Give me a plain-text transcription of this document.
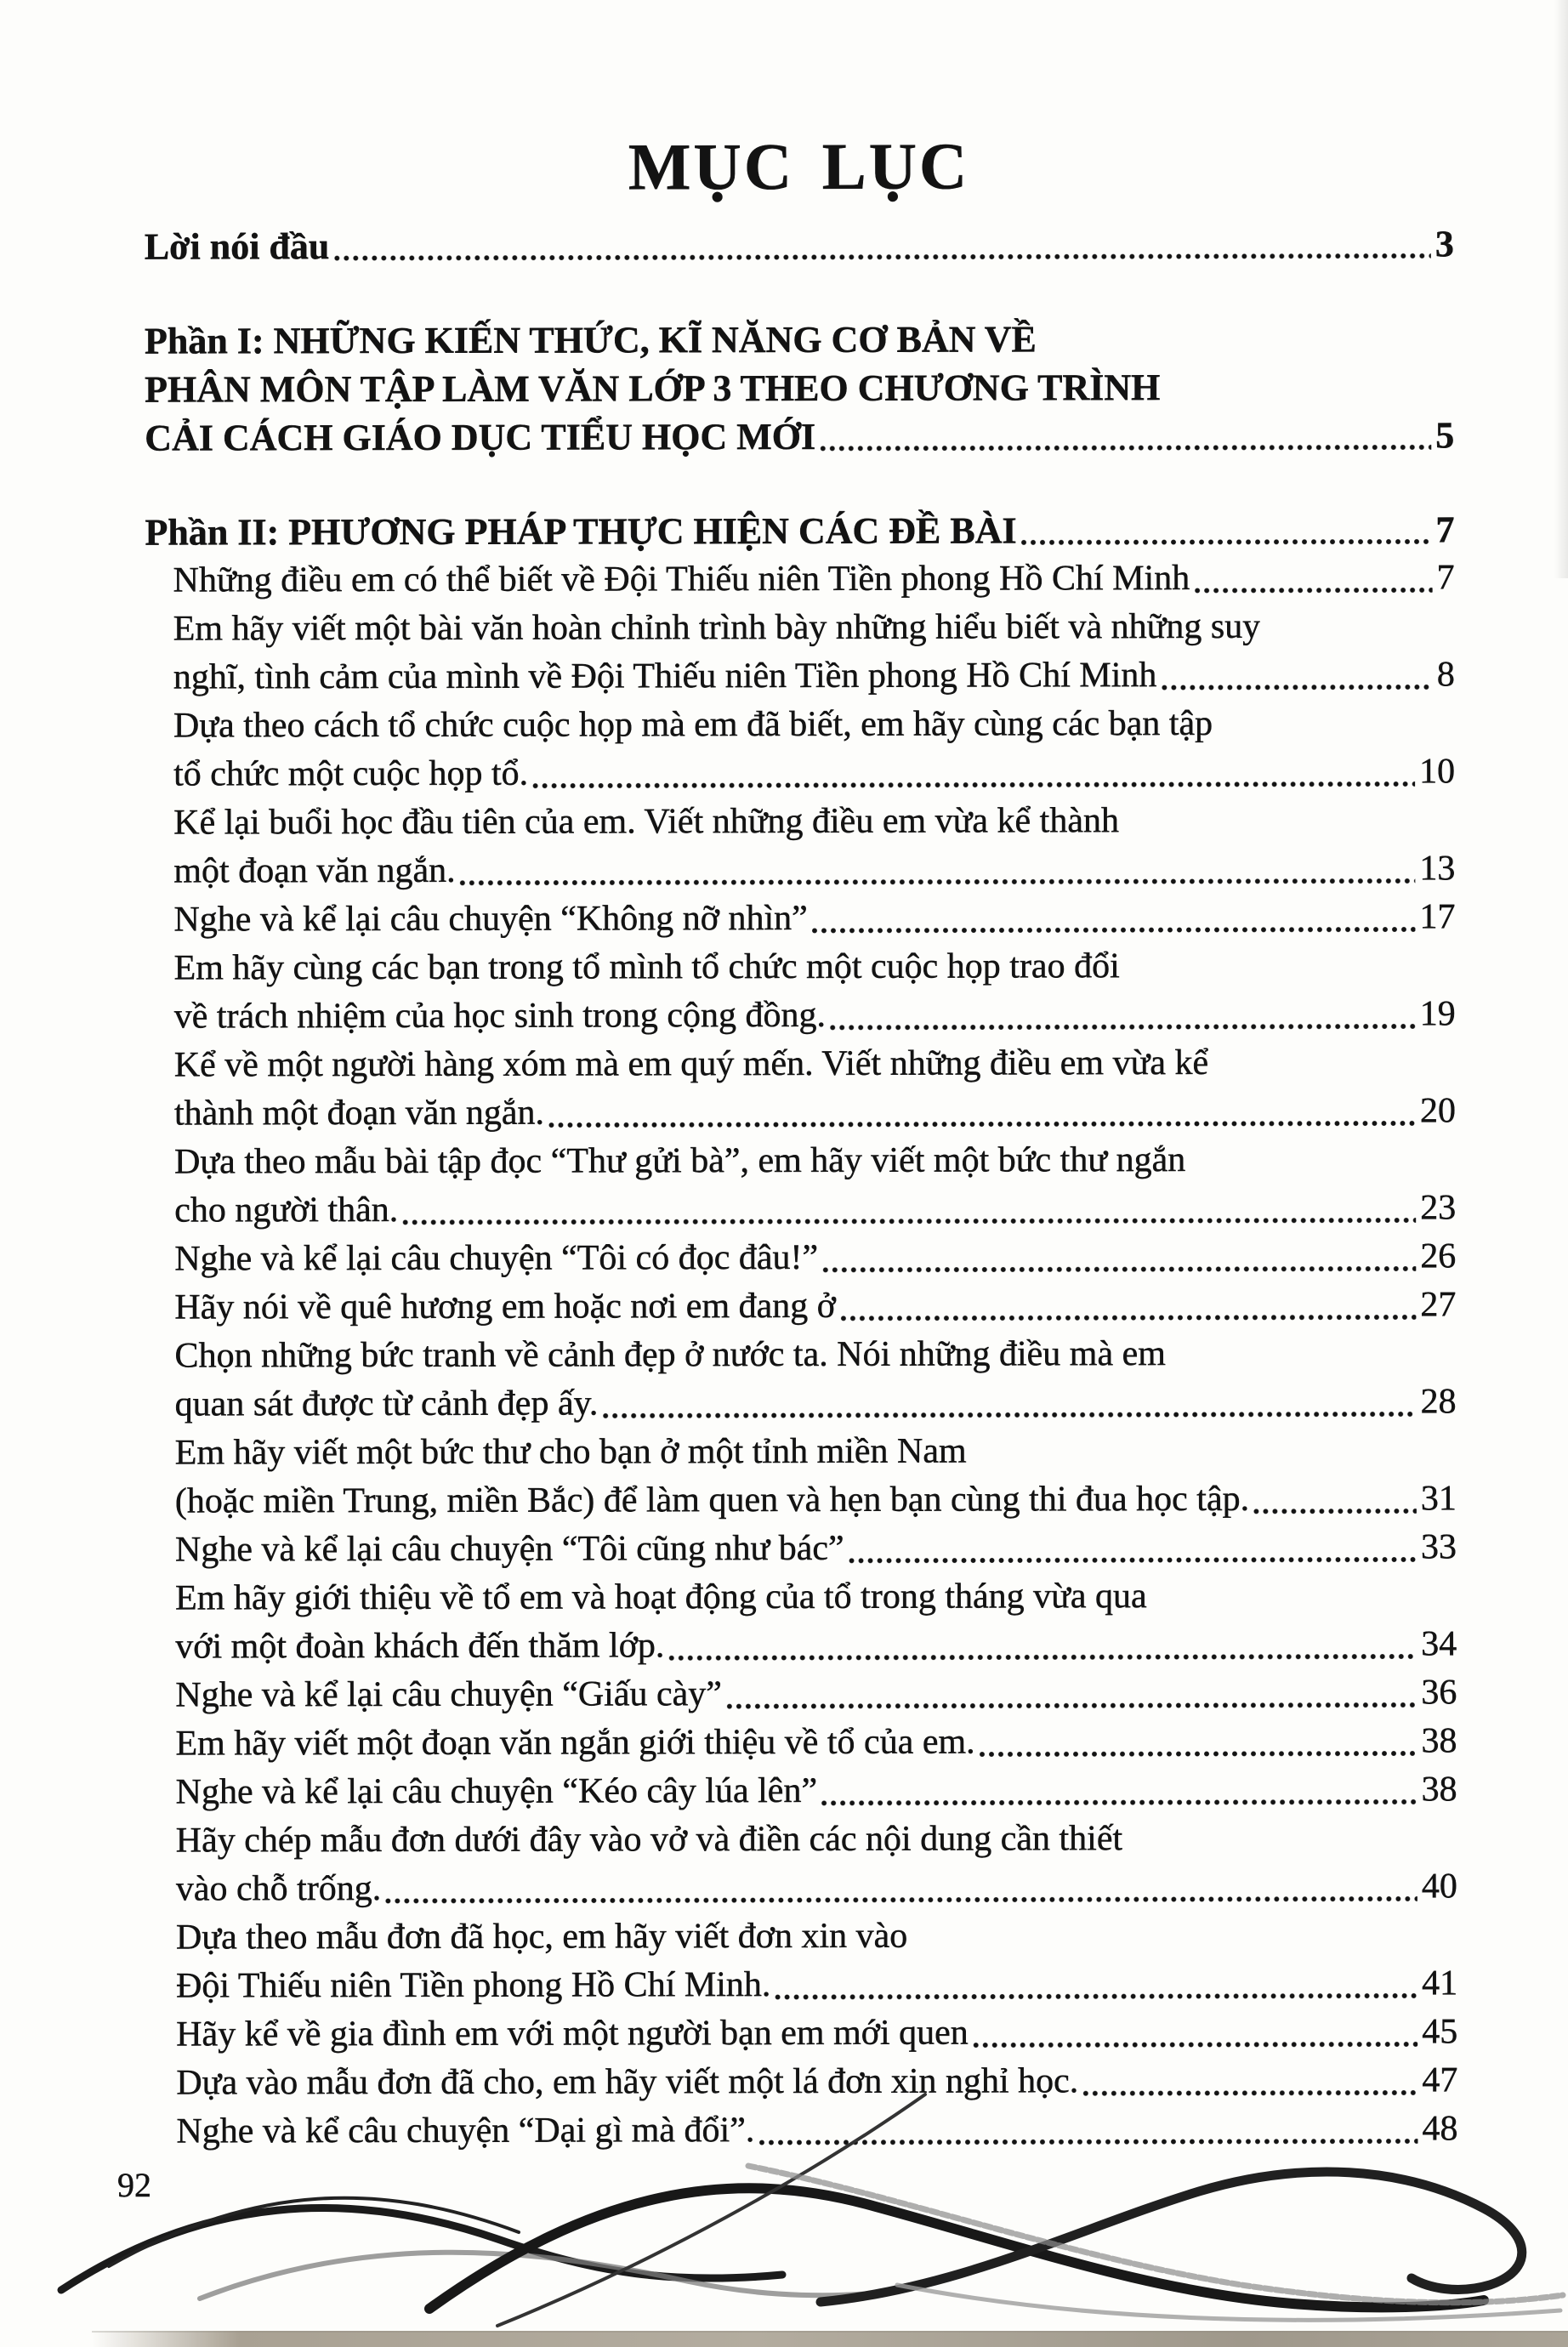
MỤC LỤC
Lời nói đầu	3
Phần I: NHỮNG KIẾN THỨC, KĨ NĂNG CƠ BẢN VỀ
PHÂN MÔN TẬP LÀM VĂN LỚP 3 THEO CHƯƠNG TRÌNH
CẢI CÁCH GIÁO DỤC TIỂU HỌC MỚI	5
Phần II: PHƯƠNG PHÁP THỰC HIỆN CÁC ĐỀ BÀI	7
Những điều em có thể biết về Đội Thiếu niên Tiền phong Hồ Chí Minh	7
Em hãy viết một bài văn hoàn chỉnh trình bày những hiểu biết và những suy
nghĩ, tình cảm của mình về Đội Thiếu niên Tiền phong Hồ Chí Minh	8
Dựa theo cách tổ chức cuộc họp mà em đã biết, em hãy cùng các bạn tập
tổ chức một cuộc họp tổ.	10
Kể lại buổi học đầu tiên của em. Viết những điều em vừa kể thành
một đoạn văn ngắn.	13
Nghe và kể lại câu chuyện “Không nỡ nhìn”	17
Em hãy cùng các bạn trong tổ mình tổ chức một cuộc họp trao đổi
về trách nhiệm của học sinh trong cộng đồng.	19
Kể về một người hàng xóm mà em quý mến. Viết những điều em vừa kể
thành một đoạn văn ngắn.	20
Dựa theo mẫu bài tập đọc “Thư gửi bà”, em hãy viết một bức thư ngắn
cho người thân.	23
Nghe và kể lại câu chuyện “Tôi có đọc đâu!”	26
Hãy nói về quê hương em hoặc nơi em đang ở	27
Chọn những bức tranh về cảnh đẹp ở nước ta. Nói những điều mà em
quan sát được từ cảnh đẹp ấy.	28
Em hãy viết một bức thư cho bạn ở một tỉnh miền Nam
(hoặc miền Trung, miền Bắc) để làm quen và hẹn bạn cùng thi đua học tập.	31
Nghe và kể lại câu chuyện “Tôi cũng như bác”	33
Em hãy giới thiệu về tổ em và hoạt động của tổ trong tháng vừa qua
với một đoàn khách đến thăm lớp.	34
Nghe và kể lại câu chuyện “Giấu cày”	36
Em hãy viết một đoạn văn ngắn giới thiệu về tổ của em.	38
Nghe và kể lại câu chuyện “Kéo cây lúa lên”	38
Hãy chép mẫu đơn dưới đây vào vở và điền các nội dung cần thiết
vào chỗ trống.	40
Dựa theo mẫu đơn đã học, em hãy viết đơn xin vào
Đội Thiếu niên Tiền phong Hồ Chí Minh.	41
Hãy kể về gia đình em với một người bạn em mới quen	45
Dựa vào mẫu đơn đã cho, em hãy viết một lá đơn xin nghỉ học.	47
Nghe và kể câu chuyện “Dại gì mà đổi”.	48
92
